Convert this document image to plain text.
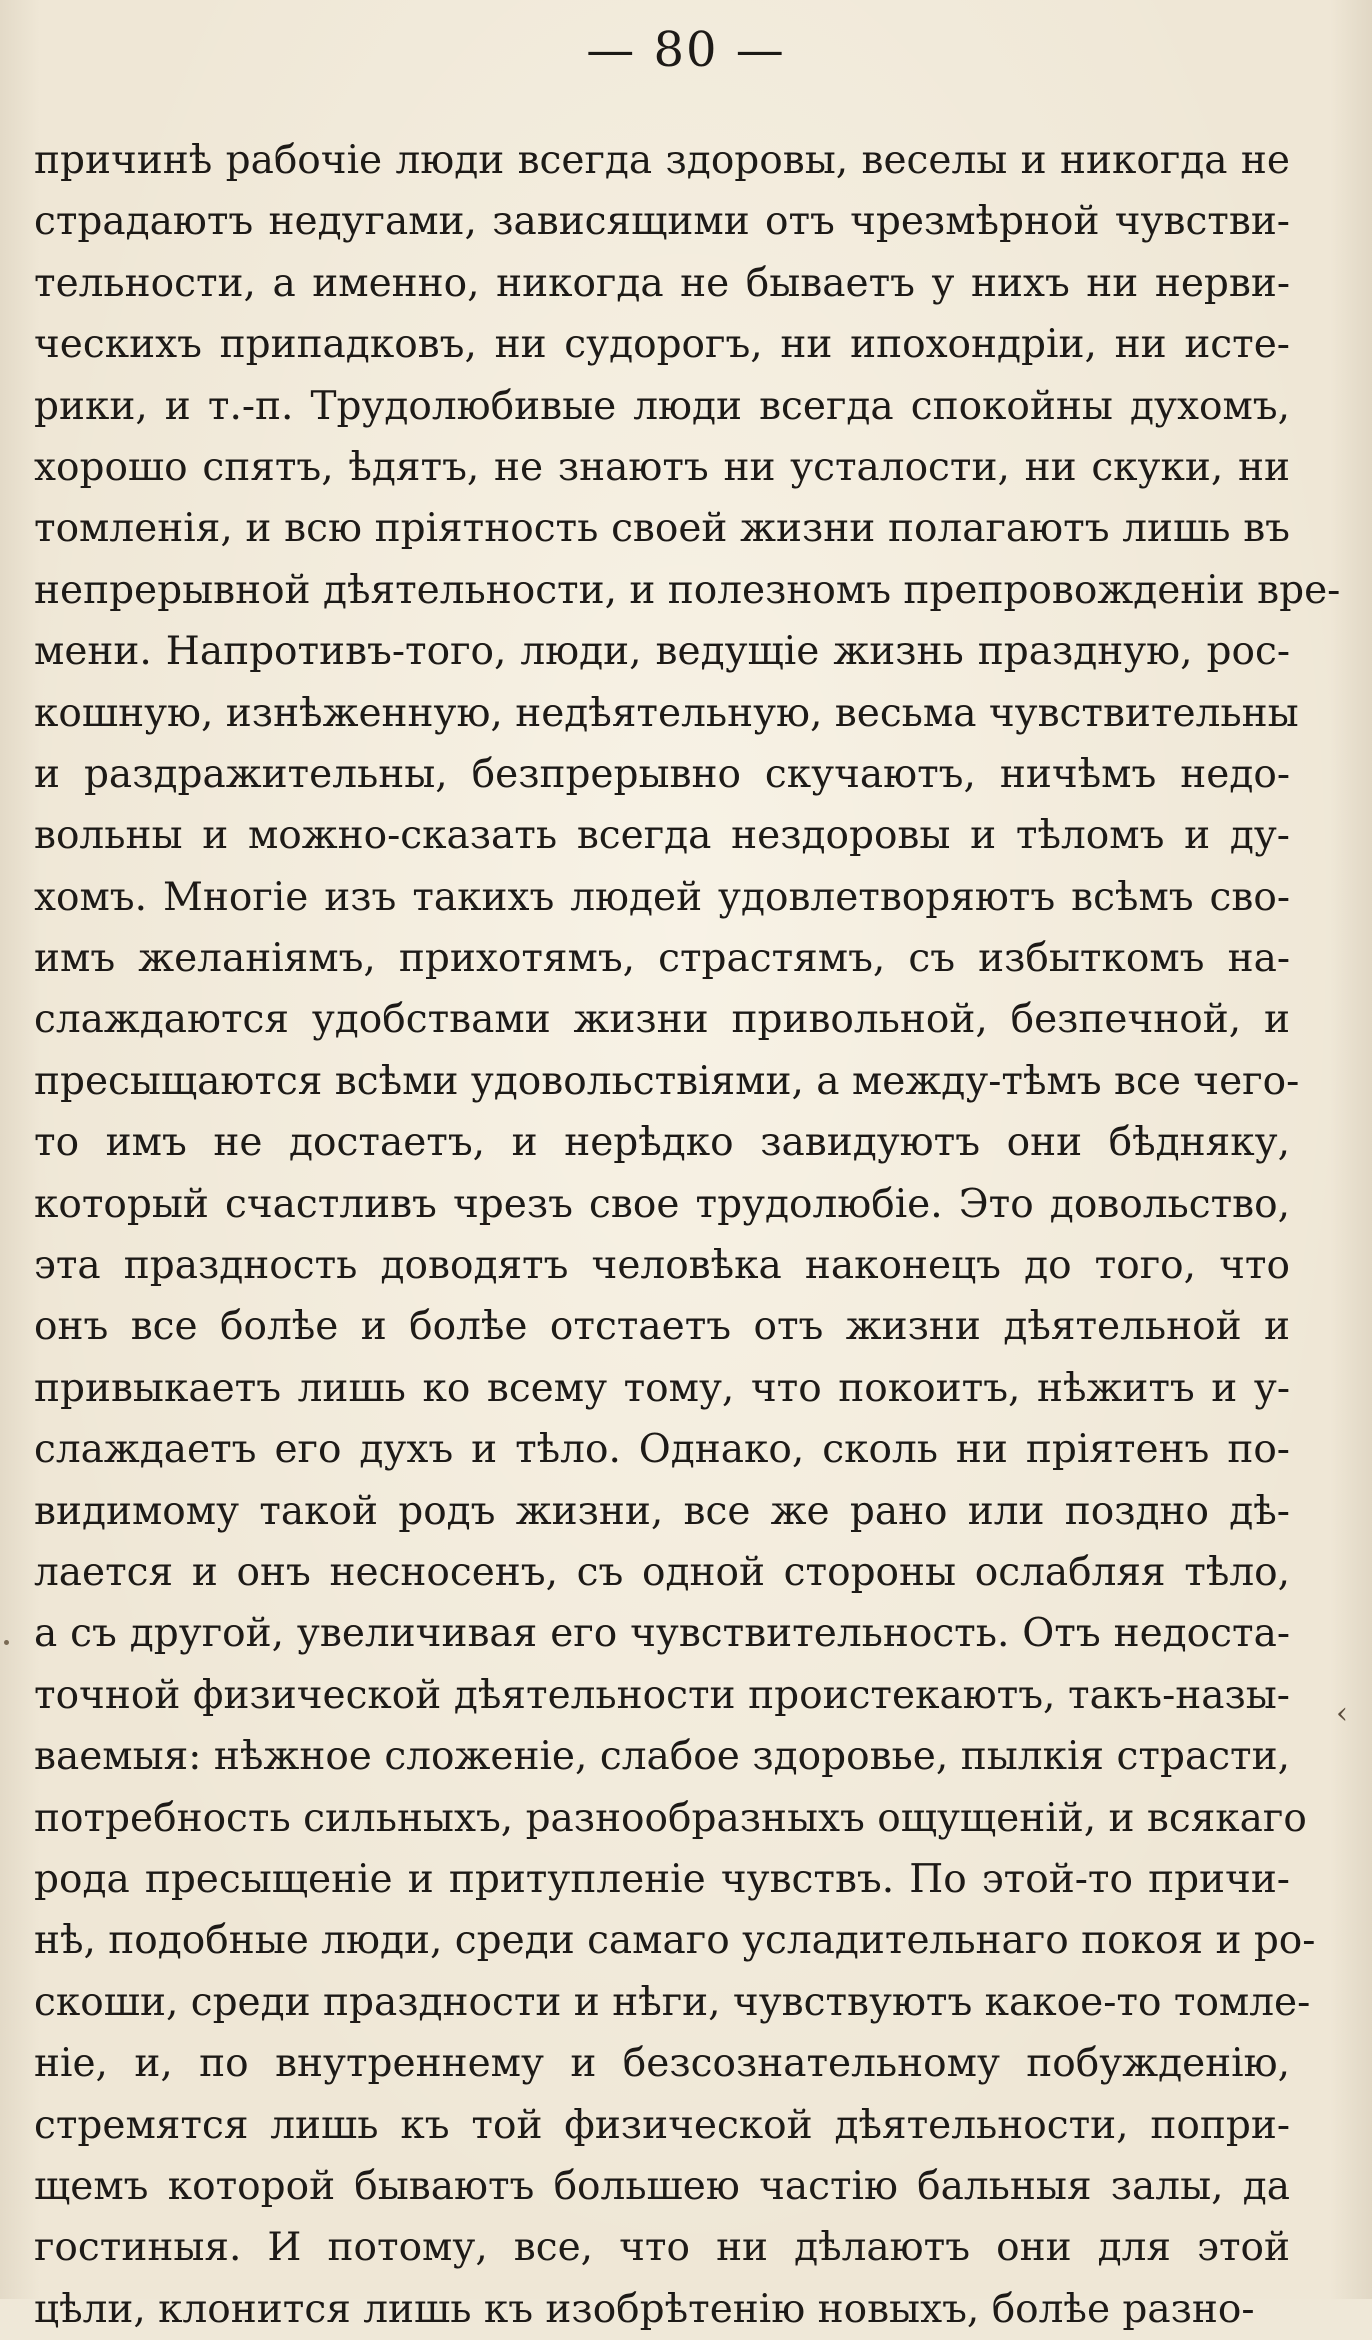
— 80 —
причинѣ рабочіе люди всегда здоровы, веселы и никогда не
страдаютъ недугами, зависящими отъ чрезмѣрной чувстви-
тельности, а именно, никогда не бываетъ у нихъ ни нерви-
ческихъ припадковъ, ни судорогъ, ни ипохондріи, ни истe-
рики, и т.-п. Трудолюбивые люди всегда спокойны духомъ,
хорошо спятъ, ѣдятъ, не знаютъ ни усталости, ни скуки, ни
томленія, и всю пріятность своей жизни полагаютъ лишь въ
непрерывной дѣятельности, и полезномъ препровожденіи вре-
мени. Напротивъ-того, люди, ведущіе жизнь праздную, рос-
кошную, изнѣженную, недѣятельную, весьма чувствительны
и раздражительны, безпрерывно скучаютъ, ничѣмъ недо-
вольны и можно-сказать всегда нездоровы и тѣломъ и ду-
хомъ. Многіе изъ такихъ людей удовлетворяютъ всѣмъ сво-
имъ желаніямъ, прихотямъ, страстямъ, съ избыткомъ на-
слаждаются удобствами жизни привольной, безпечной, и
пресыщаются всѣми удовольствіями, а между-тѣмъ все чего-
то имъ не достаетъ, и нерѣдко завидуютъ они бѣдняку,
который счастливъ чрезъ свое трудолюбіе. Это довольство,
эта праздность доводятъ человѣка наконецъ до того, что
онъ все болѣе и болѣе отстаетъ отъ жизни дѣятельной и
привыкаетъ лишь ко всему тому, что покоитъ, нѣжитъ и у-
слаждаетъ его духъ и тѣло. Однако, сколь ни пріятенъ по-
видимому такой родъ жизни, все же рано или поздно дѣ-
лается и онъ несносенъ, съ одной стороны ослабляя тѣло,
а съ другой, увеличивая его чувствительность. Отъ недоста-
точной физической дѣятельности проистекаютъ, такъ-назы-
ваемыя: нѣжное сложеніе, слабое здоровье, пылкія страсти,
потребность сильныхъ, разнообразныхъ ощущеній, и всякаго
рода пресыщеніе и притупленіе чувствъ. По этой-то причи-
нѣ, подобные люди, среди самаго усладительнаго покоя и ро-
скоши, среди праздности и нѣги, чувствуютъ какое-то томле-
ніе, и, по внутреннему и безсознательному побужденію,
стремятся лишь къ той физической дѣятельности, попри-
щемъ которой бываютъ большею частію бальныя залы, да
гостиныя. И потому, все, что ни дѣлаютъ они для этой
цѣли, клонится лишь къ изобрѣтенію новыхъ, болѣе разно-
‹
